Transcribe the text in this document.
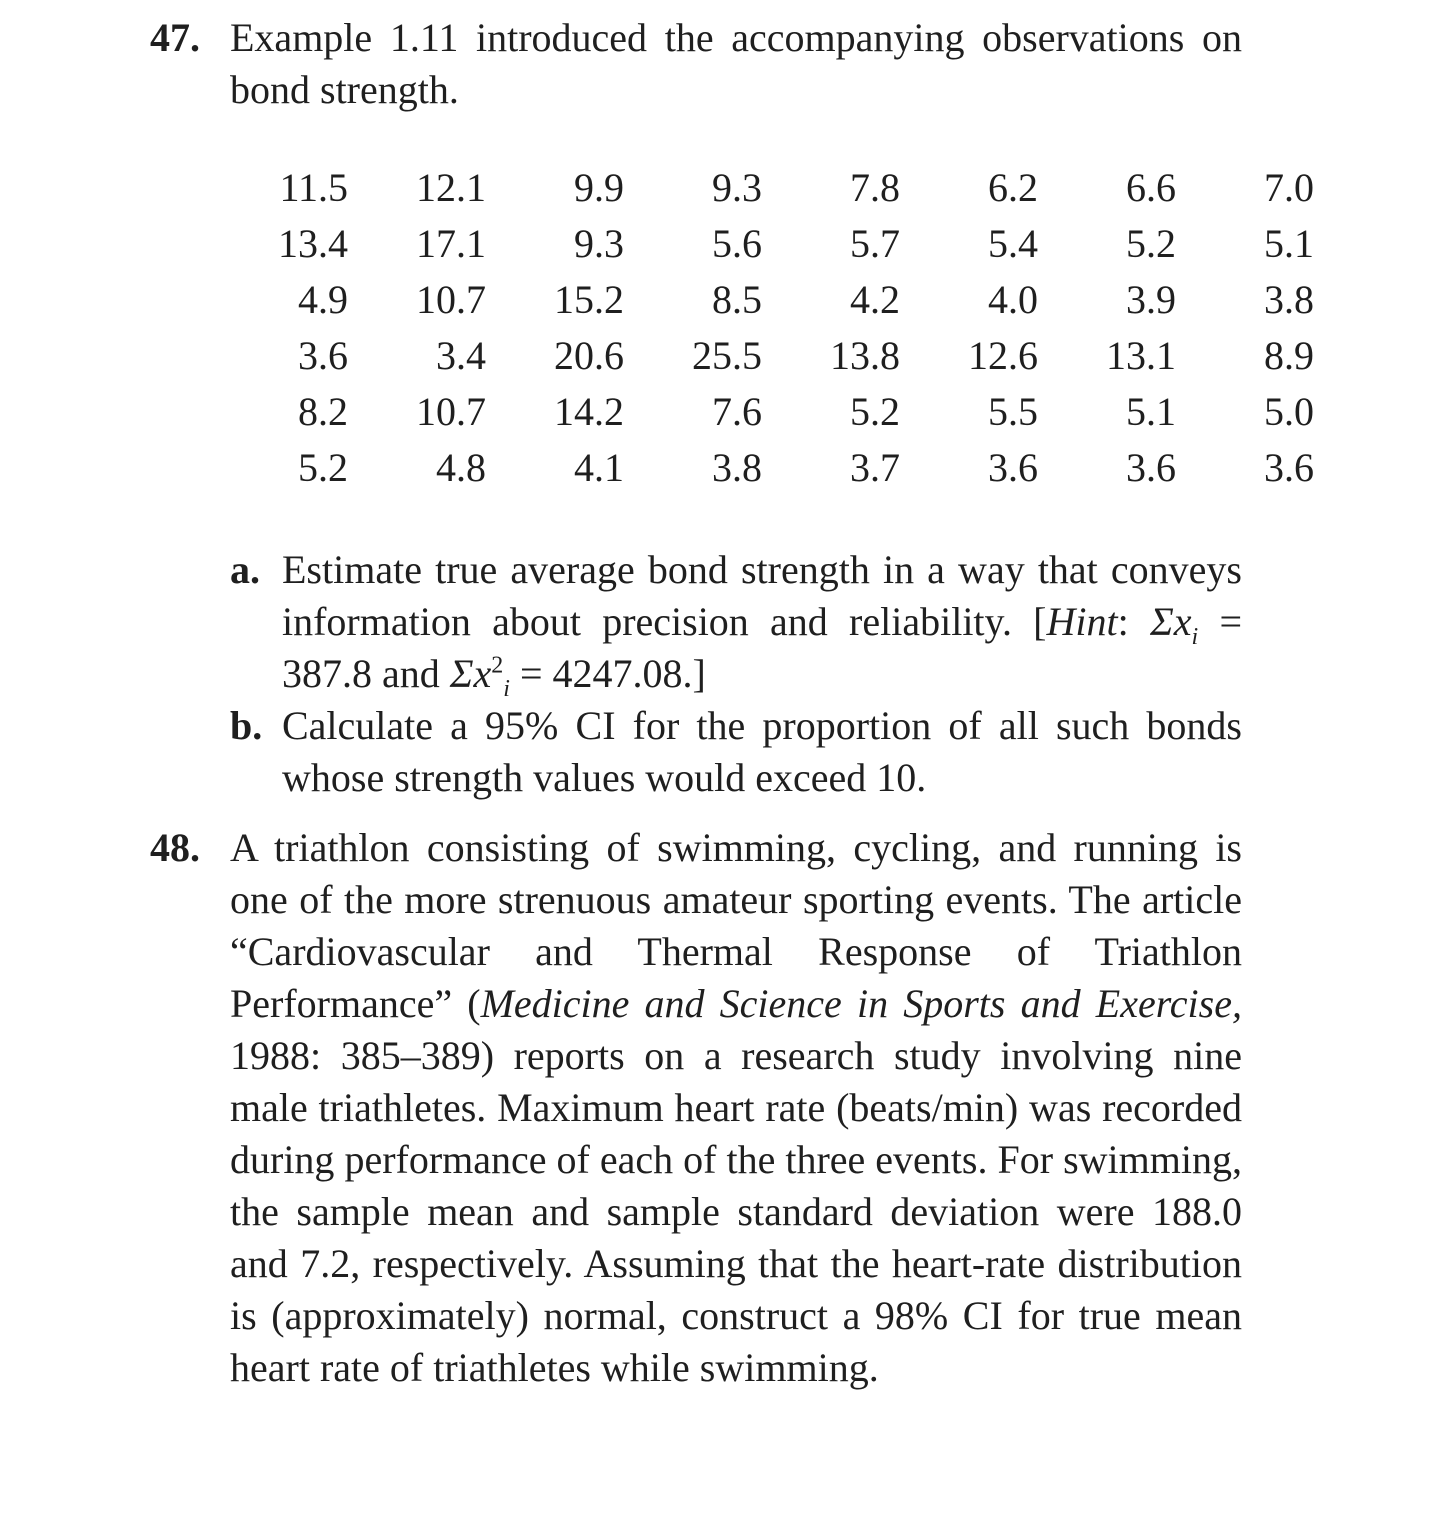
47. Example 1.11 introduced the accompanying observations on bond strength.
11.5	12.1	9.9	9.3	7.8	6.2	6.6	7.0
13.4	17.1	9.3	5.6	5.7	5.4	5.2	5.1
4.9	10.7	15.2	8.5	4.2	4.0	3.9	3.8
3.6	3.4	20.6	25.5	13.8	12.6	13.1	8.9
8.2	10.7	14.2	7.6	5.2	5.5	5.1	5.0
5.2	4.8	4.1	3.8	3.7	3.6	3.6	3.6
a. Estimate true average bond strength in a way that conveys information about precision and reliability. [Hint: $\Sigma x_i = 387.8$ and $\Sigma x^2_i = 4247.08$.]
b. Calculate a 95% CI for the proportion of all such bonds whose strength values would exceed 10.
48. A triathlon consisting of swimming, cycling, and running is one of the more strenuous amateur sporting events. The article “Cardiovascular and Thermal Response of Triathlon Performance” (Medicine and Science in Sports and Exercise, 1988: 385–389) reports on a research study involving nine male triathletes. Maximum heart rate (beats/min) was recorded during performance of each of the three events. For swimming, the sample mean and sample standard deviation were 188.0 and 7.2, respectively. Assuming that the heart-rate distribution is (approximately) normal, construct a 98% CI for true mean heart rate of triathletes while swimming.
